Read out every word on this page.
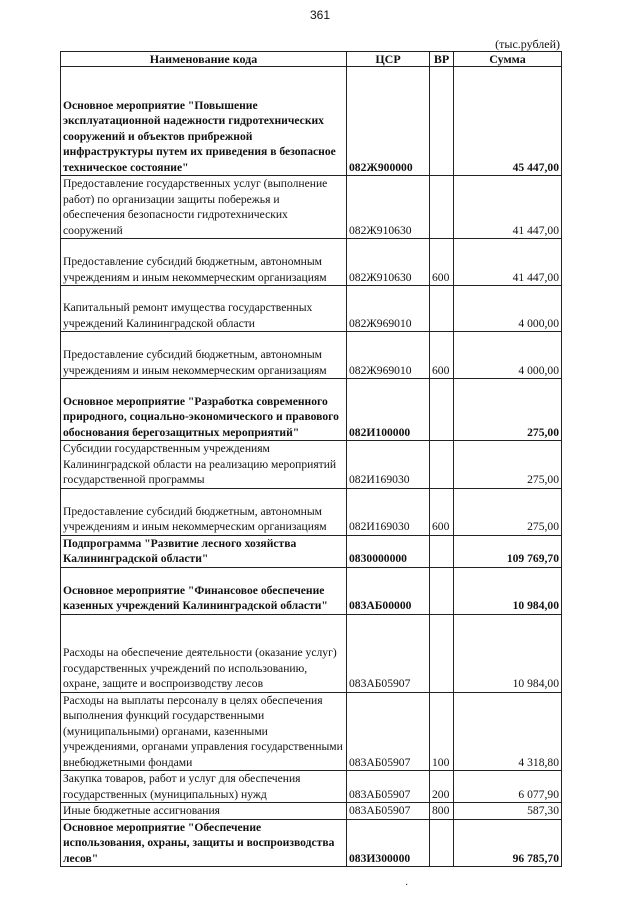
361
(тыс.рублей)
Наименование кода	ЦСР	ВР	Сумма
Основное мероприятие "Повышение эксплуатационной надежности гидротехнических сооружений и объектов прибрежной инфраструктуры путем их приведения в безопасное техническое состояние"	082Ж900000		45 447,00
Предоставление государственных услуг (выполнение работ) по организации защиты побережья и обеспечения безопасности гидротехнических сооружений	082Ж910630		41 447,00
Предоставление субсидий бюджетным, автономным учреждениям и иным некоммерческим организациям	082Ж910630	600	41 447,00
Капитальный ремонт имущества государственных учреждений Калининградской области	082Ж969010		4 000,00
Предоставление субсидий бюджетным, автономным учреждениям и иным некоммерческим организациям	082Ж969010	600	4 000,00
Основное мероприятие "Разработка современного природного, социально-экономического и правового обоснования берегозащитных мероприятий"	082И100000		275,00
Субсидии государственным учреждениям Калининградской области на реализацию мероприятий государственной программы	082И169030		275,00
Предоставление субсидий бюджетным, автономным учреждениям и иным некоммерческим организациям	082И169030	600	275,00
Подпрограмма "Развитие лесного хозяйства Калининградской области"	0830000000		109 769,70
Основное мероприятие "Финансовое обеспечение казенных учреждений Калининградской области"	083АБ00000		10 984,00
Расходы на обеспечение деятельности (оказание услуг) государственных учреждений по использованию, охране, защите и воспроизводству лесов	083АБ05907		10 984,00
Расходы на выплаты персоналу в целях обеспечения выполнения функций государственными (муниципальными) органами, казенными учреждениями, органами управления государственными внебюджетными фондами	083АБ05907	100	4 318,80
Закупка товаров, работ и услуг для обеспечения государственных (муниципальных) нужд	083АБ05907	200	6 077,90
Иные бюджетные ассигнования	083АБ05907	800	587,30
Основное мероприятие "Обеспечение использования, охраны, защиты и воспроизводства лесов"	083И300000		96 785,70
·
